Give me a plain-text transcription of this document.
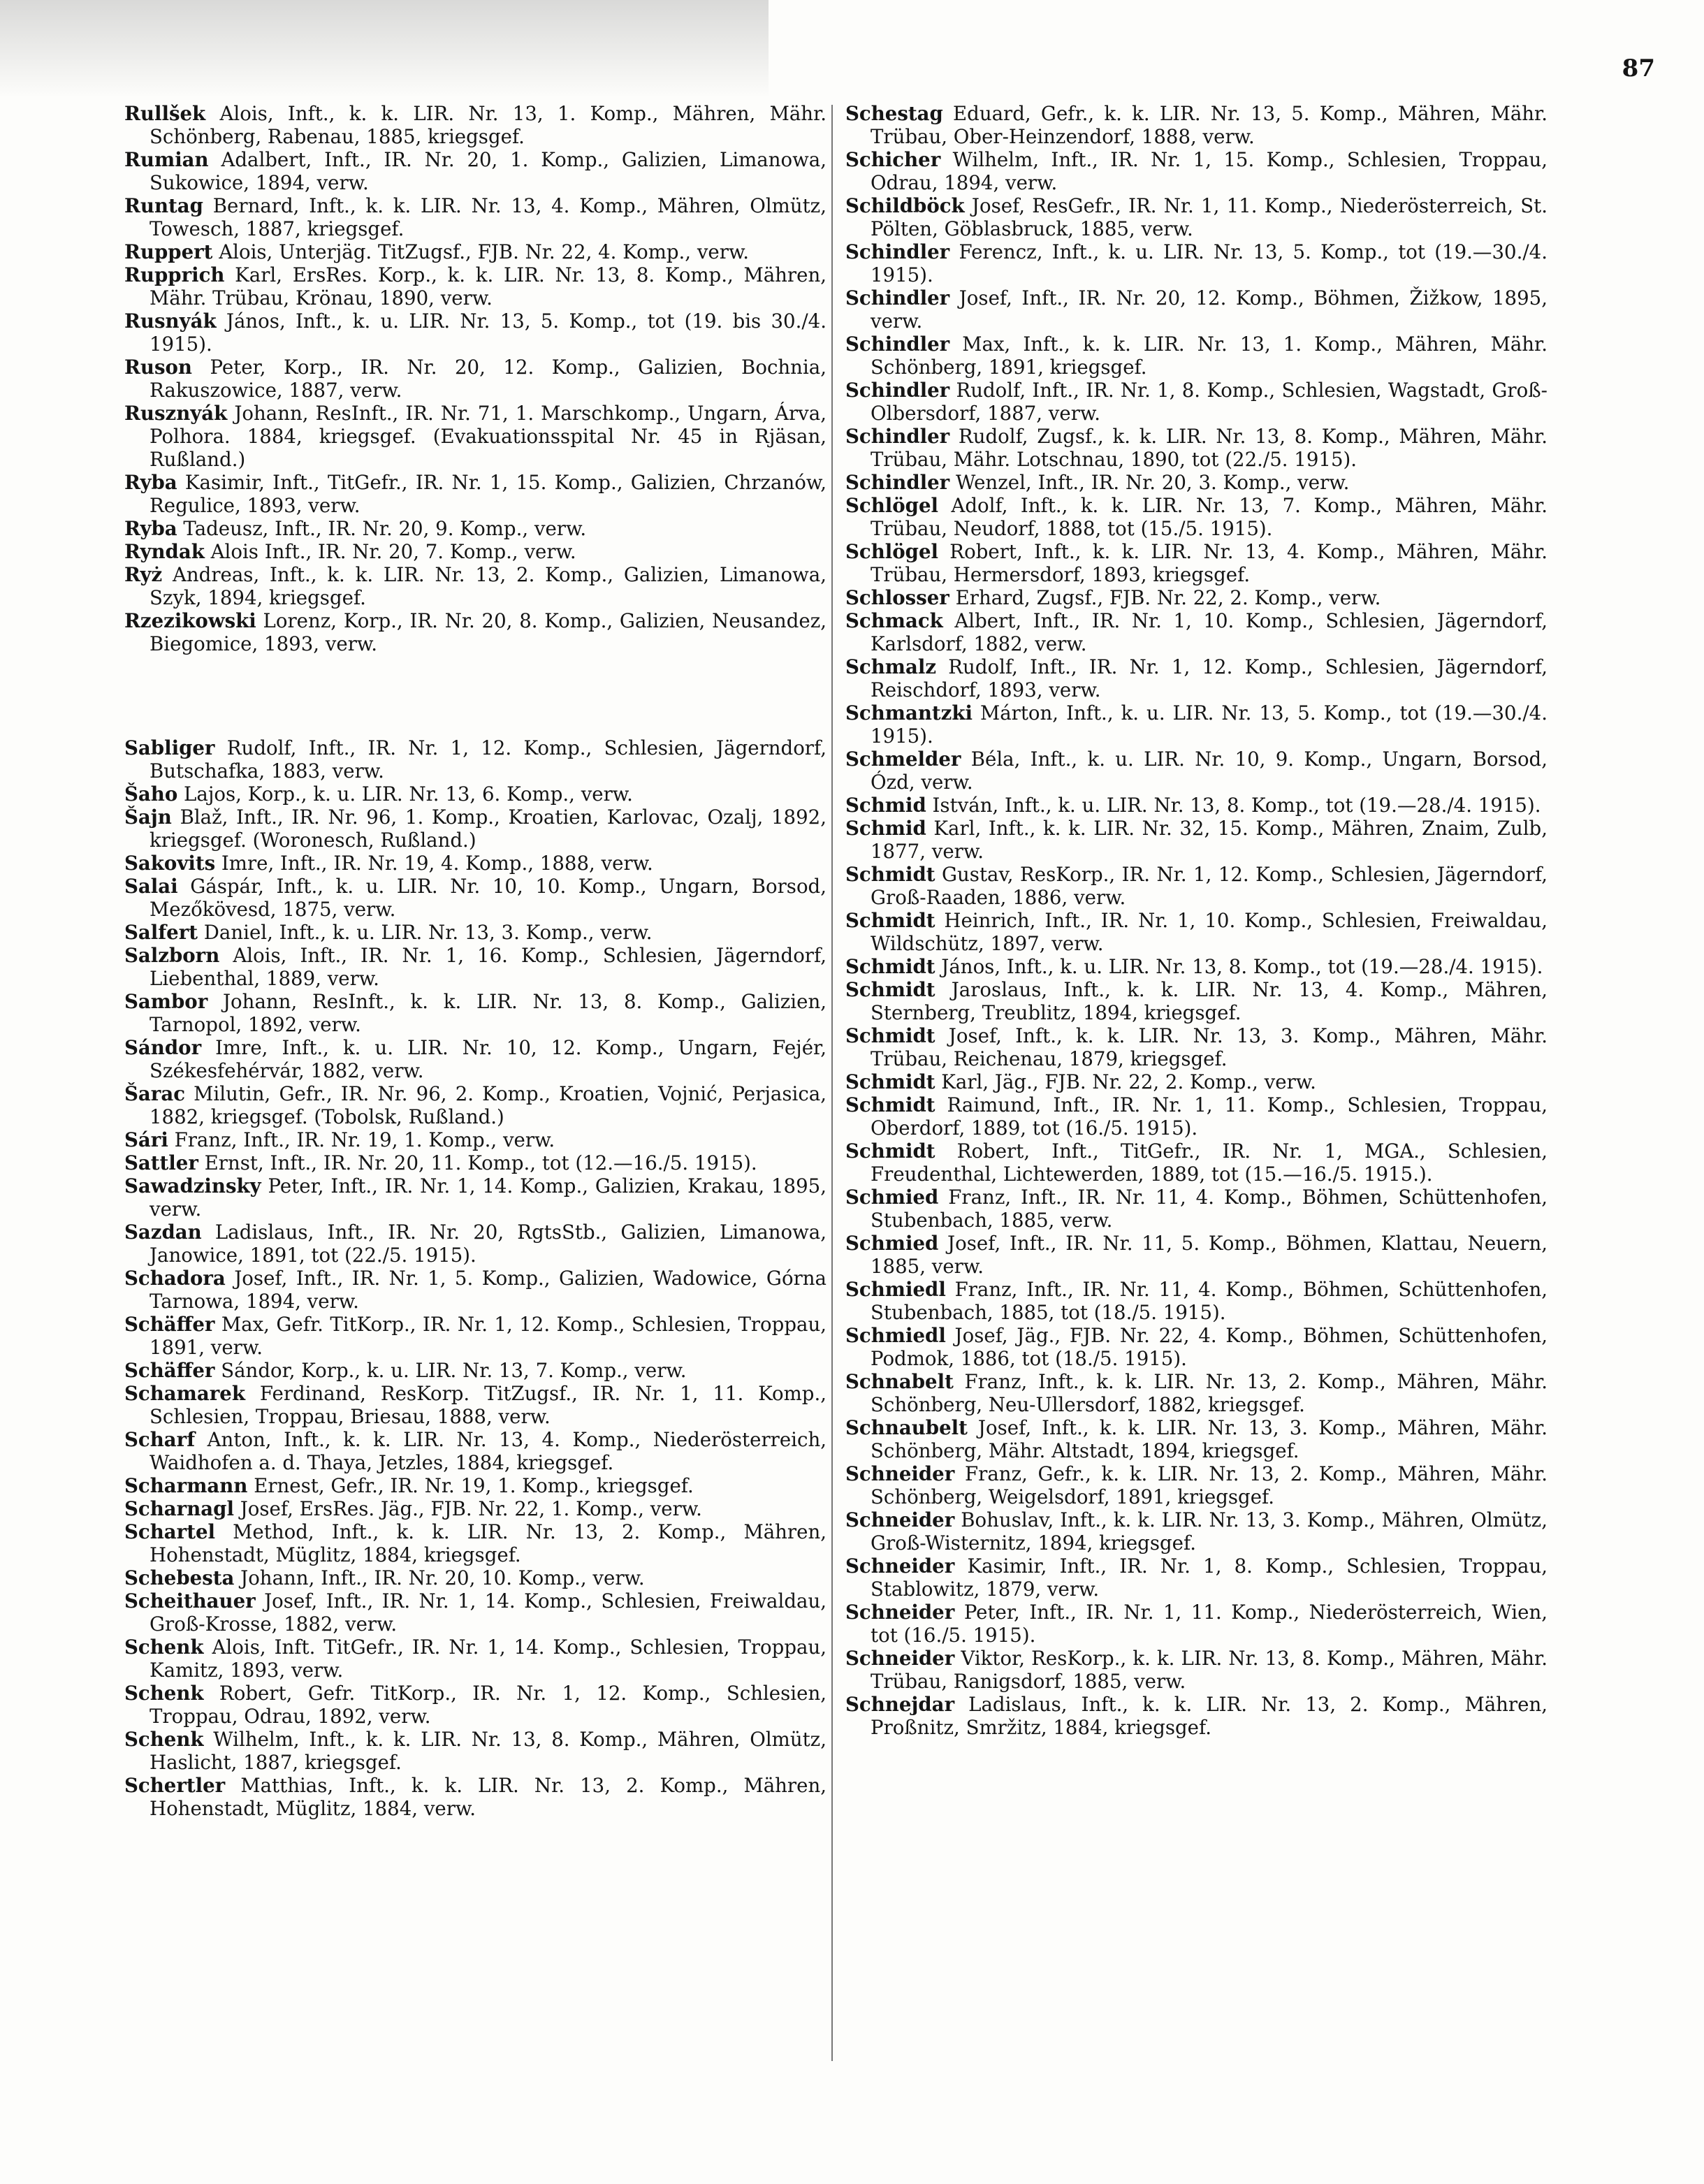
87

Rullšek Alois, Inft., k. k. LIR. Nr. 13, 1. Komp., Mähren, Mähr. Schönberg, Rabenau, 1885, kriegsgef.

Rumian Adalbert, Inft., IR. Nr. 20, 1. Komp., Galizien, Limanowa, Sukowice, 1894, verw.

Runtag Bernard, Inft., k. k. LIR. Nr. 13, 4. Komp., Mähren, Olmütz, Towesch, 1887, kriegsgef.

Ruppert Alois, Unterjäg. TitZugsf., FJB. Nr. 22, 4. Komp., verw.

Rupprich Karl, ErsRes. Korp., k. k. LIR. Nr. 13, 8. Komp., Mähren, Mähr. Trübau, Krönau, 1890, verw.

Rusnyák János, Inft., k. u. LIR. Nr. 13, 5. Komp., tot (19. bis 30./4. 1915).

Ruson Peter, Korp., IR. Nr. 20, 12. Komp., Galizien, Bochnia, Rakuszowice, 1887, verw.

Rusznyák Johann, ResInft., IR. Nr. 71, 1. Marschkomp., Ungarn, Árva, Polhora. 1884, kriegsgef. (Evakuationsspital Nr. 45 in Rjäsan, Rußland.)

Ryba Kasimir, Inft., TitGefr., IR. Nr. 1, 15. Komp., Galizien, Chrzanów, Regulice, 1893, verw.

Ryba Tadeusz, Inft., IR. Nr. 20, 9. Komp., verw.

Ryndak Alois Inft., IR. Nr. 20, 7. Komp., verw.

Ryż Andreas, Inft., k. k. LIR. Nr. 13, 2. Komp., Galizien, Limanowa, Szyk, 1894, kriegsgef.

Rzezikowski Lorenz, Korp., IR. Nr. 20, 8. Komp., Galizien, Neusandez, Biegomice, 1893, verw.

Sabliger Rudolf, Inft., IR. Nr. 1, 12. Komp., Schlesien, Jägerndorf, Butschafka, 1883, verw.

Šaho Lajos, Korp., k. u. LIR. Nr. 13, 6. Komp., verw.

Šajn Blaž, Inft., IR. Nr. 96, 1. Komp., Kroatien, Karlovac, Ozalj, 1892, kriegsgef. (Woronesch, Rußland.)

Sakovits Imre, Inft., IR. Nr. 19, 4. Komp., 1888, verw.

Salai Gáspár, Inft., k. u. LIR. Nr. 10, 10. Komp., Ungarn, Borsod, Mezőkövesd, 1875, verw.

Salfert Daniel, Inft., k. u. LIR. Nr. 13, 3. Komp., verw.

Salzborn Alois, Inft., IR. Nr. 1, 16. Komp., Schlesien, Jägerndorf, Liebenthal, 1889, verw.

Sambor Johann, ResInft., k. k. LIR. Nr. 13, 8. Komp., Galizien, Tarnopol, 1892, verw.

Sándor Imre, Inft., k. u. LIR. Nr. 10, 12. Komp., Ungarn, Fejér, Székesfehérvár, 1882, verw.

Šarac Milutin, Gefr., IR. Nr. 96, 2. Komp., Kroatien, Vojnić, Perjasica, 1882, kriegsgef. (Tobolsk, Rußland.)

Sári Franz, Inft., IR. Nr. 19, 1. Komp., verw.

Sattler Ernst, Inft., IR. Nr. 20, 11. Komp., tot (12.—16./5. 1915).

Sawadzinsky Peter, Inft., IR. Nr. 1, 14. Komp., Galizien, Krakau, 1895, verw.

Sazdan Ladislaus, Inft., IR. Nr. 20, RgtsStb., Galizien, Limanowa, Janowice, 1891, tot (22./5. 1915).

Schadora Josef, Inft., IR. Nr. 1, 5. Komp., Galizien, Wadowice, Górna Tarnowa, 1894, verw.

Schäffer Max, Gefr. TitKorp., IR. Nr. 1, 12. Komp., Schlesien, Troppau, 1891, verw.

Schäffer Sándor, Korp., k. u. LIR. Nr. 13, 7. Komp., verw.

Schamarek Ferdinand, ResKorp. TitZugsf., IR. Nr. 1, 11. Komp., Schlesien, Troppau, Briesau, 1888, verw.

Scharf Anton, Inft., k. k. LIR. Nr. 13, 4. Komp., Niederösterreich, Waidhofen a. d. Thaya, Jetzles, 1884, kriegsgef.

Scharmann Ernest, Gefr., IR. Nr. 19, 1. Komp., kriegsgef.

Scharnagl Josef, ErsRes. Jäg., FJB. Nr. 22, 1. Komp., verw.

Schartel Method, Inft., k. k. LIR. Nr. 13, 2. Komp., Mähren, Hohenstadt, Müglitz, 1884, kriegsgef.

Schebesta Johann, Inft., IR. Nr. 20, 10. Komp., verw.

Scheithauer Josef, Inft., IR. Nr. 1, 14. Komp., Schlesien, Freiwaldau, Groß-Krosse, 1882, verw.

Schenk Alois, Inft. TitGefr., IR. Nr. 1, 14. Komp., Schlesien, Troppau, Kamitz, 1893, verw.

Schenk Robert, Gefr. TitKorp., IR. Nr. 1, 12. Komp., Schlesien, Troppau, Odrau, 1892, verw.

Schenk Wilhelm, Inft., k. k. LIR. Nr. 13, 8. Komp., Mähren, Olmütz, Haslicht, 1887, kriegsgef.

Schertler Matthias, Inft., k. k. LIR. Nr. 13, 2. Komp., Mähren, Hohenstadt, Müglitz, 1884, verw.

Schestag Eduard, Gefr., k. k. LIR. Nr. 13, 5. Komp., Mähren, Mähr. Trübau, Ober-Heinzendorf, 1888, verw.

Schicher Wilhelm, Inft., IR. Nr. 1, 15. Komp., Schlesien, Troppau, Odrau, 1894, verw.

Schildböck Josef, ResGefr., IR. Nr. 1, 11. Komp., Niederösterreich, St. Pölten, Göblasbruck, 1885, verw.

Schindler Ferencz, Inft., k. u. LIR. Nr. 13, 5. Komp., tot (19.—30./4. 1915).

Schindler Josef, Inft., IR. Nr. 20, 12. Komp., Böhmen, Žižkow, 1895, verw.

Schindler Max, Inft., k. k. LIR. Nr. 13, 1. Komp., Mähren, Mähr. Schönberg, 1891, kriegsgef.

Schindler Rudolf, Inft., IR. Nr. 1, 8. Komp., Schlesien, Wagstadt, Groß-Olbersdorf, 1887, verw.

Schindler Rudolf, Zugsf., k. k. LIR. Nr. 13, 8. Komp., Mähren, Mähr. Trübau, Mähr. Lotschnau, 1890, tot (22./5. 1915).

Schindler Wenzel, Inft., IR. Nr. 20, 3. Komp., verw.

Schlögel Adolf, Inft., k. k. LIR. Nr. 13, 7. Komp., Mähren, Mähr. Trübau, Neudorf, 1888, tot (15./5. 1915).

Schlögel Robert, Inft., k. k. LIR. Nr. 13, 4. Komp., Mähren, Mähr. Trübau, Hermersdorf, 1893, kriegsgef.

Schlosser Erhard, Zugsf., FJB. Nr. 22, 2. Komp., verw.

Schmack Albert, Inft., IR. Nr. 1, 10. Komp., Schlesien, Jägerndorf, Karlsdorf, 1882, verw.

Schmalz Rudolf, Inft., IR. Nr. 1, 12. Komp., Schlesien, Jägerndorf, Reischdorf, 1893, verw.

Schmantzki Márton, Inft., k. u. LIR. Nr. 13, 5. Komp., tot (19.—30./4. 1915).

Schmelder Béla, Inft., k. u. LIR. Nr. 10, 9. Komp., Ungarn, Borsod, Ózd, verw.

Schmid István, Inft., k. u. LIR. Nr. 13, 8. Komp., tot (19.—28./4. 1915).

Schmid Karl, Inft., k. k. LIR. Nr. 32, 15. Komp., Mähren, Znaim, Zulb, 1877, verw.

Schmidt Gustav, ResKorp., IR. Nr. 1, 12. Komp., Schlesien, Jägerndorf, Groß-Raaden, 1886, verw.

Schmidt Heinrich, Inft., IR. Nr. 1, 10. Komp., Schlesien, Freiwaldau, Wildschütz, 1897, verw.

Schmidt János, Inft., k. u. LIR. Nr. 13, 8. Komp., tot (19.—28./4. 1915).

Schmidt Jaroslaus, Inft., k. k. LIR. Nr. 13, 4. Komp., Mähren, Sternberg, Treublitz, 1894, kriegsgef.

Schmidt Josef, Inft., k. k. LIR. Nr. 13, 3. Komp., Mähren, Mähr. Trübau, Reichenau, 1879, kriegsgef.

Schmidt Karl, Jäg., FJB. Nr. 22, 2. Komp., verw.

Schmidt Raimund, Inft., IR. Nr. 1, 11. Komp., Schlesien, Troppau, Oberdorf, 1889, tot (16./5. 1915).

Schmidt Robert, Inft., TitGefr., IR. Nr. 1, MGA., Schlesien, Freudenthal, Lichtewerden, 1889, tot (15.—16./5. 1915.).

Schmied Franz, Inft., IR. Nr. 11, 4. Komp., Böhmen, Schüttenhofen, Stubenbach, 1885, verw.

Schmied Josef, Inft., IR. Nr. 11, 5. Komp., Böhmen, Klattau, Neuern, 1885, verw.

Schmiedl Franz, Inft., IR. Nr. 11, 4. Komp., Böhmen, Schüttenhofen, Stubenbach, 1885, tot (18./5. 1915).

Schmiedl Josef, Jäg., FJB. Nr. 22, 4. Komp., Böhmen, Schüttenhofen, Podmok, 1886, tot (18./5. 1915).

Schnabelt Franz, Inft., k. k. LIR. Nr. 13, 2. Komp., Mähren, Mähr. Schönberg, Neu-Ullersdorf, 1882, kriegsgef.

Schnaubelt Josef, Inft., k. k. LIR. Nr. 13, 3. Komp., Mähren, Mähr. Schönberg, Mähr. Altstadt, 1894, kriegsgef.

Schneider Franz, Gefr., k. k. LIR. Nr. 13, 2. Komp., Mähren, Mähr. Schönberg, Weigelsdorf, 1891, kriegsgef.

Schneider Bohuslav, Inft., k. k. LIR. Nr. 13, 3. Komp., Mähren, Olmütz, Groß-Wisternitz, 1894, kriegsgef.

Schneider Kasimir, Inft., IR. Nr. 1, 8. Komp., Schlesien, Troppau, Stablowitz, 1879, verw.

Schneider Peter, Inft., IR. Nr. 1, 11. Komp., Niederösterreich, Wien, tot (16./5. 1915).

Schneider Viktor, ResKorp., k. k. LIR. Nr. 13, 8. Komp., Mähren, Mähr. Trübau, Ranigsdorf, 1885, verw.

Schnejdar Ladislaus, Inft., k. k. LIR. Nr. 13, 2. Komp., Mähren, Proßnitz, Smržitz, 1884, kriegsgef.
